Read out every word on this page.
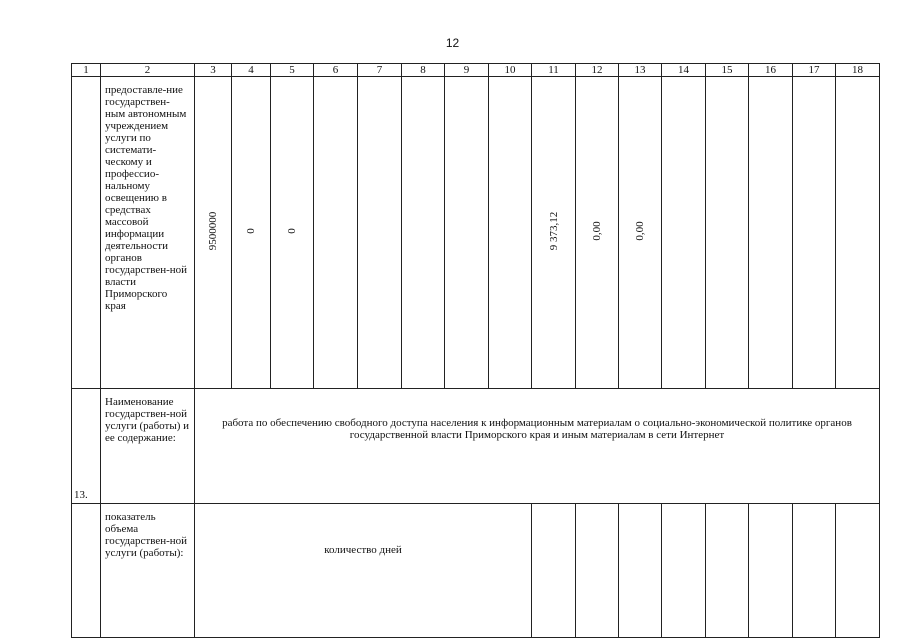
12
1	2	3	4	5	6	7	8	9	10	11	12	13	14	15	16	17	18
	предоставле-ние государствен-ным автономным учреждением услуги по системати-ческому и профессио-нальному освещению в средствах массовой информации деятельности органов государствен-ной власти Приморского края	9500000	0	0						9 373,12	0,00	0,00					

13.	Наименование государствен-ной услуги (работы) и ее содержание:	работа по обеспечению свободного доступа населения к информационным материалам о социально-экономической политике органов государственной власти Приморского края и иным материалам в сети Интернет															
	показатель объема государствен-ной услуги (работы):	количество дней															
